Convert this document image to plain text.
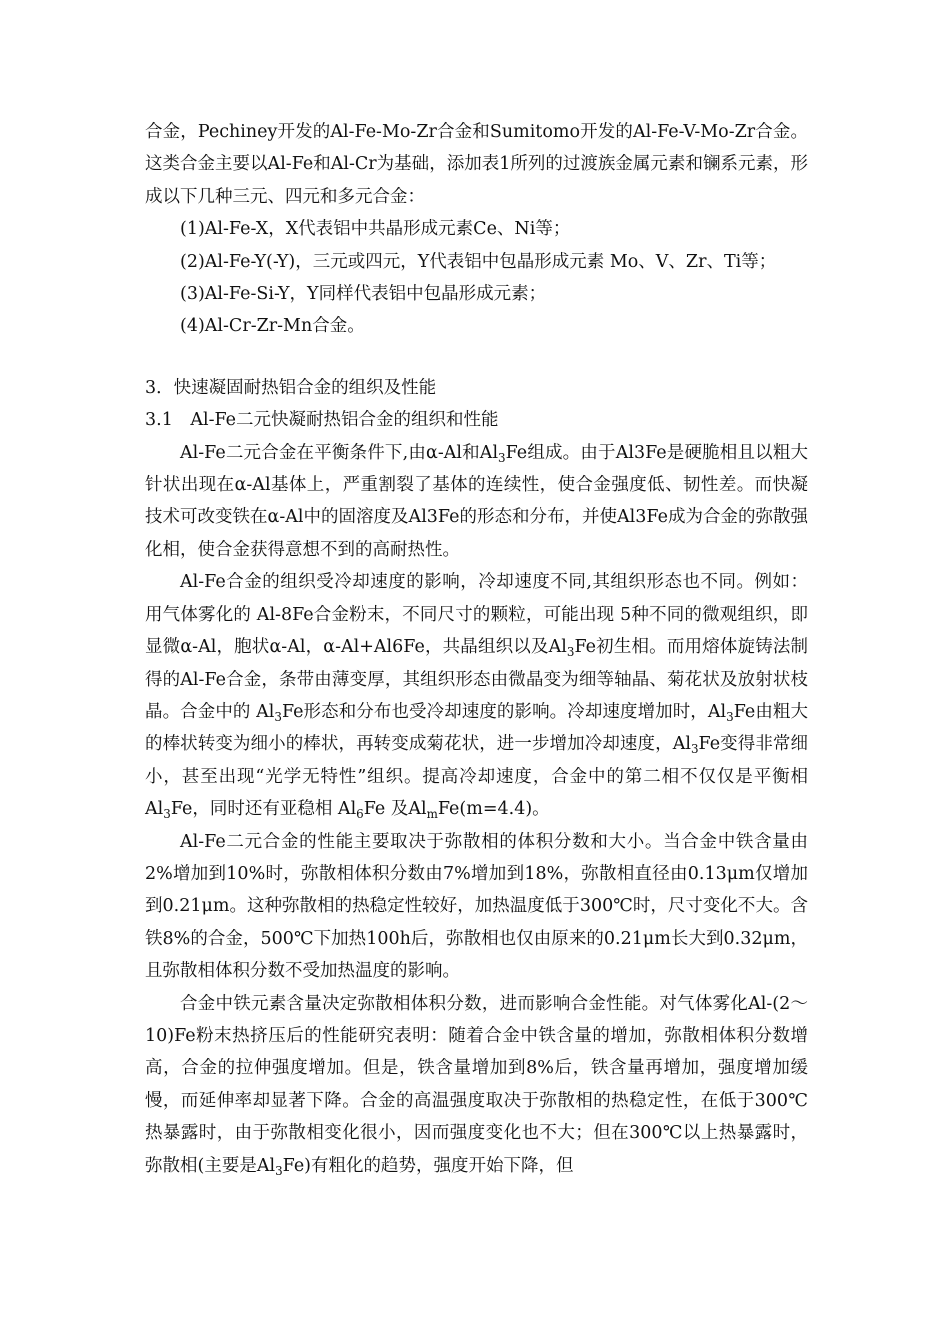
合金，Pechiney开发的Al-Fe-Mo-Zr合金和Sumitomo开发的Al-Fe-V-Mo-Zr合金。这类合金主要以Al-Fe和Al-Cr为基础，添加表1所列的过渡族金属元素和镧系元素，形成以下几种三元、四元和多元合金：

(1)Al-Fe-X，X代表铝中共晶形成元素Ce、Ni等；

(2)Al-Fe-Y(-Y)，三元或四元，Y代表铝中包晶形成元素 Mo、V、Zr、Ti等；

(3)Al-Fe-Si-Y，Y同样代表铝中包晶形成元素；

(4)Al-Cr-Zr-Mn合金。

3．快速凝固耐热铝合金的组织及性能

3.1　Al-Fe二元快凝耐热铝合金的组织和性能

Al-Fe二元合金在平衡条件下,由α-Al和$Al_3Fe$组成。由于Al3Fe是硬脆相且以粗大针状出现在α-Al基体上，严重割裂了基体的连续性，使合金强度低、韧性差。而快凝技术可改变铁在α-Al中的固溶度及Al3Fe的形态和分布，并使Al3Fe成为合金的弥散强化相，使合金获得意想不到的高耐热性。

Al-Fe合金的组织受冷却速度的影响，冷却速度不同,其组织形态也不同。例如：用气体雾化的 Al-8Fe合金粉末，不同尺寸的颗粒，可能出现 5种不同的微观组织，即显微α-Al，胞状α-Al，α-Al+Al6Fe，共晶组织以及$Al_3Fe$初生相。而用熔体旋铸法制得的Al-Fe合金，条带由薄变厚，其组织形态由微晶变为细等轴晶、菊花状及放射状枝晶。合金中的 $Al_3Fe$形态和分布也受冷却速度的影响。冷却速度增加时，$Al_3Fe$由粗大的棒状转变为细小的棒状，再转变成菊花状，进一步增加冷却速度，$Al_3Fe$变得非常细小，甚至出现“光学无特性”组织。提高冷却速度，合金中的第二相不仅仅是平衡相 $Al_3Fe$，同时还有亚稳相 $Al_6Fe$ 及$Al_mFe(m=4.4)$。

Al-Fe二元合金的性能主要取决于弥散相的体积分数和大小。当合金中铁含量由2%增加到10%时，弥散相体积分数由7%增加到18%，弥散相直径由0.13μm仅增加到0.21μm。这种弥散相的热稳定性较好，加热温度低于300℃时，尺寸变化不大。含铁8%的合金，500℃下加热100h后，弥散相也仅由原来的0.21μm长大到0.32μm，且弥散相体积分数不受加热温度的影响。

合金中铁元素含量决定弥散相体积分数，进而影响合金性能。对气体雾化Al-(2～10)Fe粉末热挤压后的性能研究表明：随着合金中铁含量的增加，弥散相体积分数增高，合金的拉伸强度增加。但是，铁含量增加到8%后，铁含量再增加，强度增加缓慢，而延伸率却显著下降。合金的高温强度取决于弥散相的热稳定性，在低于300℃热暴露时，由于弥散相变化很小，因而强度变化也不大；但在300℃以上热暴露时，弥散相(主要是$Al_3Fe$)有粗化的趋势，强度开始下降，但
